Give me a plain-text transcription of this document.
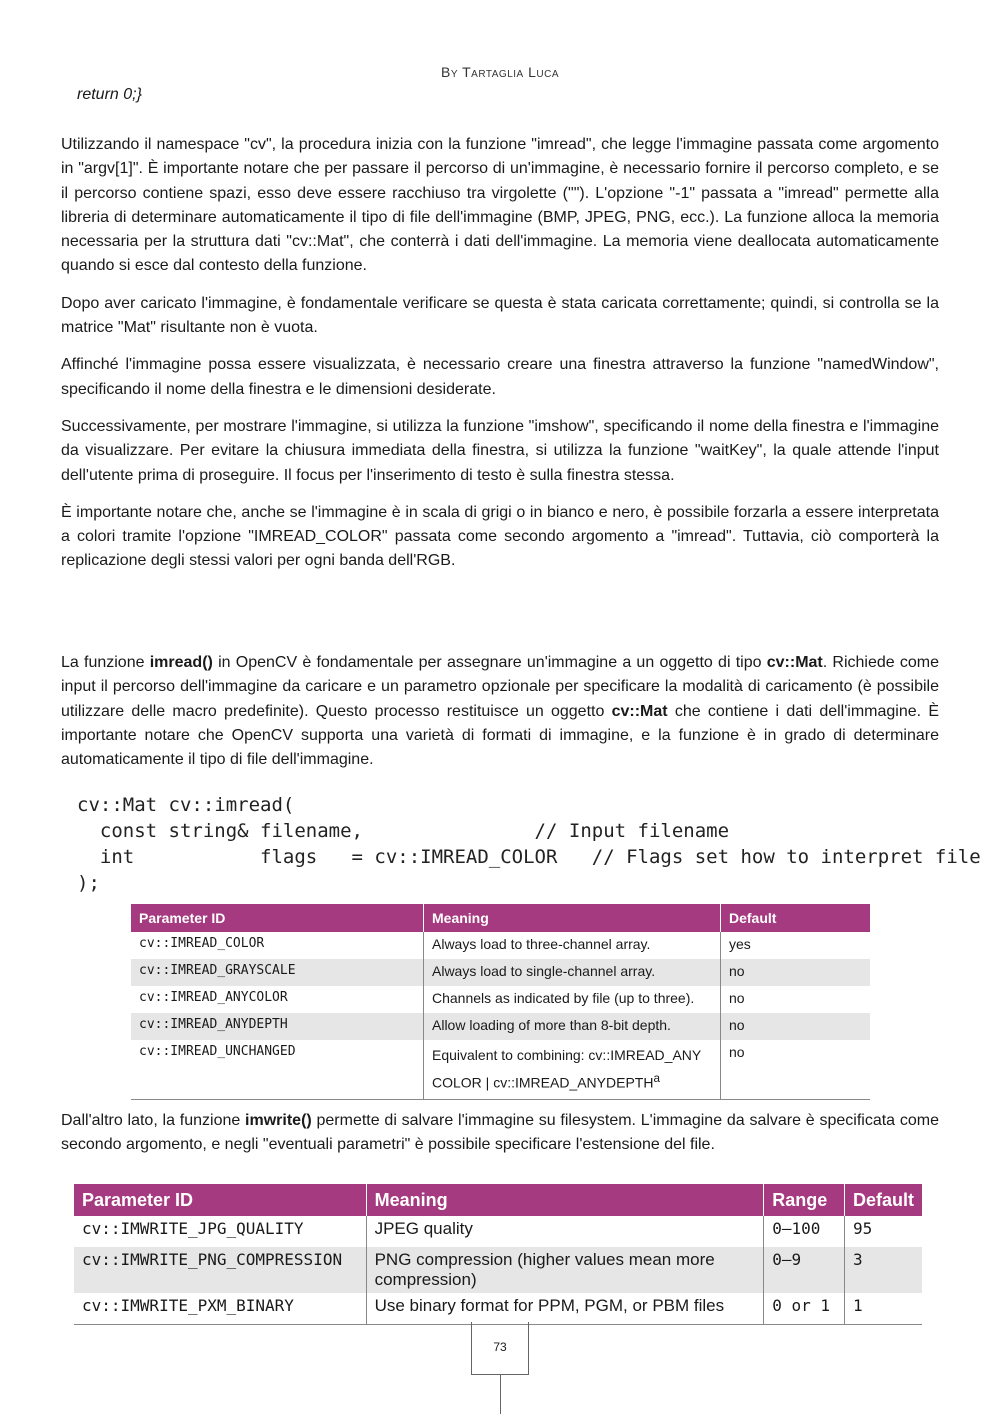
By Tartaglia Luca
return 0;}

Utilizzando il namespace "cv", la procedura inizia con la funzione "imread", che legge l'immagine passata come argomento in "argv[1]". È importante notare che per passare il percorso di un'immagine, è necessario fornire il percorso completo, e se il percorso contiene spazi, esso deve essere racchiuso tra virgolette (""). L'opzione "-1" passata a "imread" permette alla libreria di determinare automaticamente il tipo di file dell'immagine (BMP, JPEG, PNG, ecc.). La funzione alloca la memoria necessaria per la struttura dati "cv::Mat", che conterrà i dati dell'immagine. La memoria viene deallocata automaticamente quando si esce dal contesto della funzione.

Dopo aver caricato l'immagine, è fondamentale verificare se questa è stata caricata correttamente; quindi, si controlla se la matrice "Mat" risultante non è vuota.

Affinché l'immagine possa essere visualizzata, è necessario creare una finestra attraverso la funzione "namedWindow", specificando il nome della finestra e le dimensioni desiderate.

Successivamente, per mostrare l'immagine, si utilizza la funzione "imshow", specificando il nome della finestra e l'immagine da visualizzare. Per evitare la chiusura immediata della finestra, si utilizza la funzione "waitKey", la quale attende l'input dell'utente prima di proseguire. Il focus per l'inserimento di testo è sulla finestra stessa.

È importante notare che, anche se l'immagine è in scala di grigi o in bianco e nero, è possibile forzarla a essere interpretata a colori tramite l'opzione "IMREAD_COLOR" passata come secondo argomento a "imread". Tuttavia, ciò comporterà la replicazione degli stessi valori per ogni banda dell'RGB.

La funzione imread() in OpenCV è fondamentale per assegnare un'immagine a un oggetto di tipo cv::Mat. Richiede come input il percorso dell'immagine da caricare e un parametro opzionale per specificare la modalità di caricamento (è possibile utilizzare delle macro predefinite). Questo processo restituisce un oggetto cv::Mat che contiene i dati dell'immagine. È importante notare che OpenCV supporta una varietà di formati di immagine, e la funzione è in grado di determinare automaticamente il tipo di file dell'immagine.

cv::Mat cv::imread(
const string& filename,               // Input filename
int           flags   = cv::IMREAD_COLOR   // Flags set how to interpret file
);
Parameter ID	Meaning	Default
cv::IMREAD_COLOR	Always load to three-channel array.	yes
cv::IMREAD_GRAYSCALE	Always load to single-channel array.	no
cv::IMREAD_ANYCOLOR	Channels as indicated by file (up to three).	no
cv::IMREAD_ANYDEPTH	Allow loading of more than 8-bit depth.	no
cv::IMREAD_UNCHANGED	Equivalent to combining: cv::IMREAD_ANY COLOR | cv::IMREAD_ANYDEPTH$^a$	no

Dall'altro lato, la funzione imwrite() permette di salvare l'immagine su filesystem. L'immagine da salvare è specificata come secondo argomento, e negli "eventuali parametri" è possibile specificare l'estensione del file.

Parameter ID	Meaning	Range	Default
cv::IMWRITE_JPG_QUALITY	JPEG quality	0–100	95
cv::IMWRITE_PNG_COMPRESSION	PNG compression (higher values mean more compression)	0–9	3
cv::IMWRITE_PXM_BINARY	Use binary format for PPM, PGM, or PBM files	0 or 1	1
73
